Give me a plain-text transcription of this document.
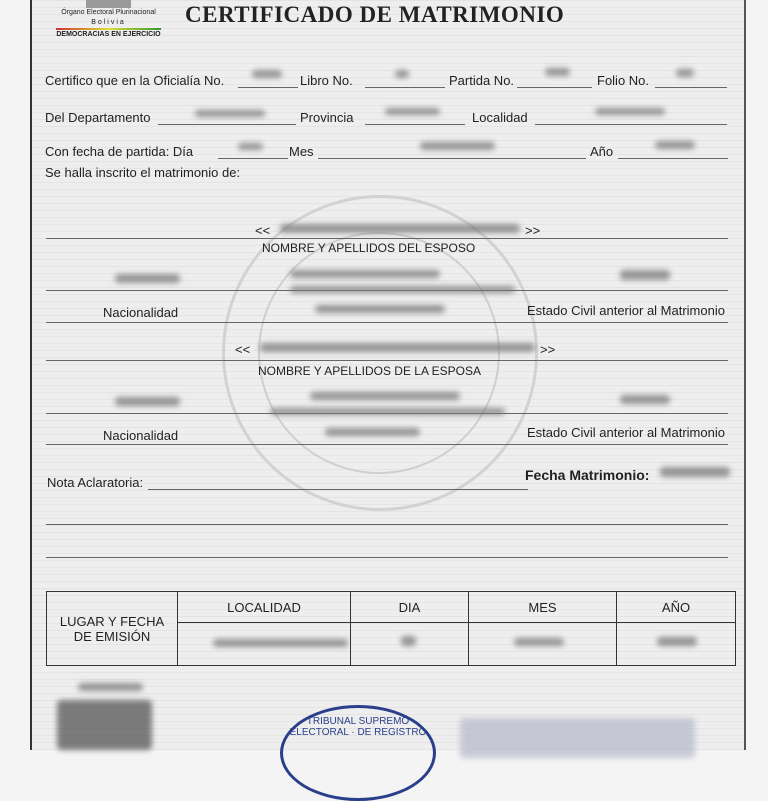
Órgano Electoral Plurinacional
Bolivia
DEMOCRACIAS EN EJERCICIO
CERTIFICADO DE MATRIMONIO
Certifico que en la Oficialía No.	Libro No.	Partida No.	Folio No.
Del Departamento	Provincia	Localidad
Con fecha de partida: Día	Mes	Año
Se halla inscrito el matrimonio de:
<<	>>
NOMBRE Y APELLIDOS DEL ESPOSO
Nacionalidad	Estado Civil anterior al Matrimonio
<<	>>
NOMBRE Y APELLIDOS DE LA ESPOSA
Nacionalidad	Estado Civil anterior al Matrimonio
Fecha Matrimonio:
Nota Aclaratoria:
LUGAR Y FECHA DE EMISIÓN	LOCALIDAD	DIA	MES	AÑO

TRIBUNAL SUPREMO ELECTORAL · DE REGISTRO
